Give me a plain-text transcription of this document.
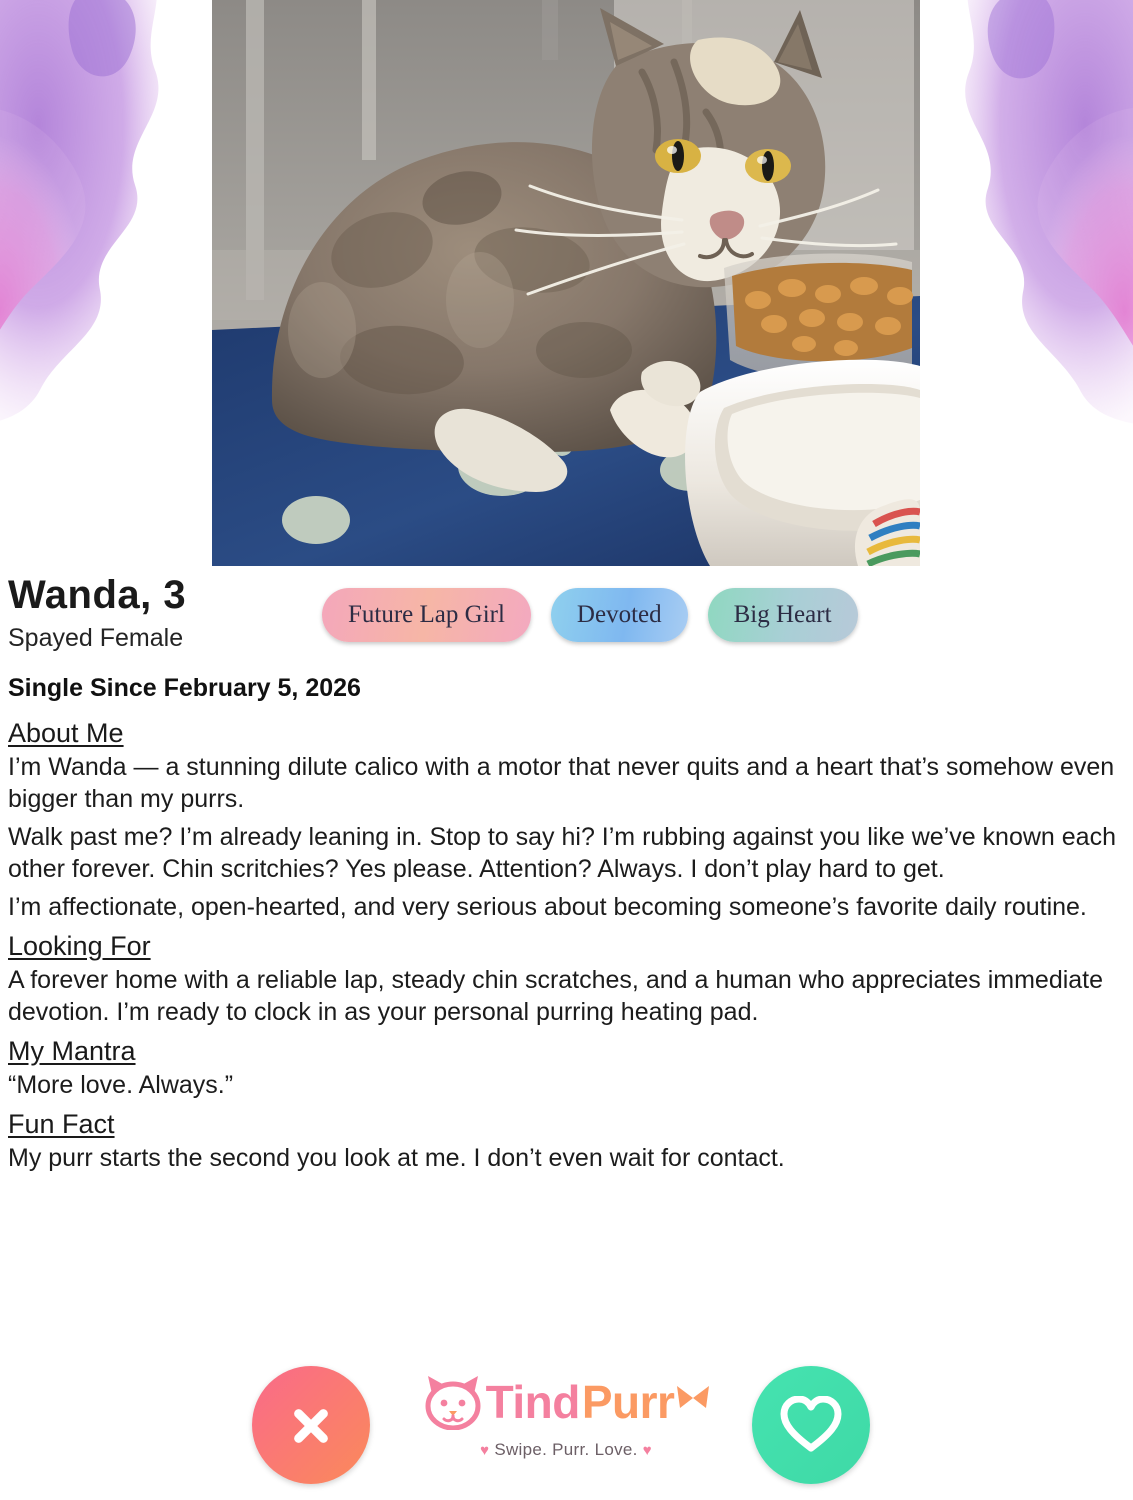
Wanda, 3
Spayed Female
Future Lap Girl	Devoted	Big Heart
Single Since February 5, 2026
About Me

I’m Wanda — a stunning dilute calico with a motor that never quits and a heart that’s somehow even bigger than my purrs.

Walk past me? I’m already leaning in. Stop to say hi? I’m rubbing against you like we’ve known each other forever. Chin scritchies? Yes please. Attention? Always. I don’t play hard to get.

I’m affectionate, open-hearted, and very serious about becoming someone’s favorite daily routine.

Looking For

A forever home with a reliable lap, steady chin scratches, and a human who appreciates immediate devotion. I’m ready to clock in as your personal purring heating pad.

My Mantra

“More love. Always.”

Fun Fact

My purr starts the second you look at me. I don’t even wait for contact.

Tind Purr
♥ Swipe. Purr. Love. ♥
